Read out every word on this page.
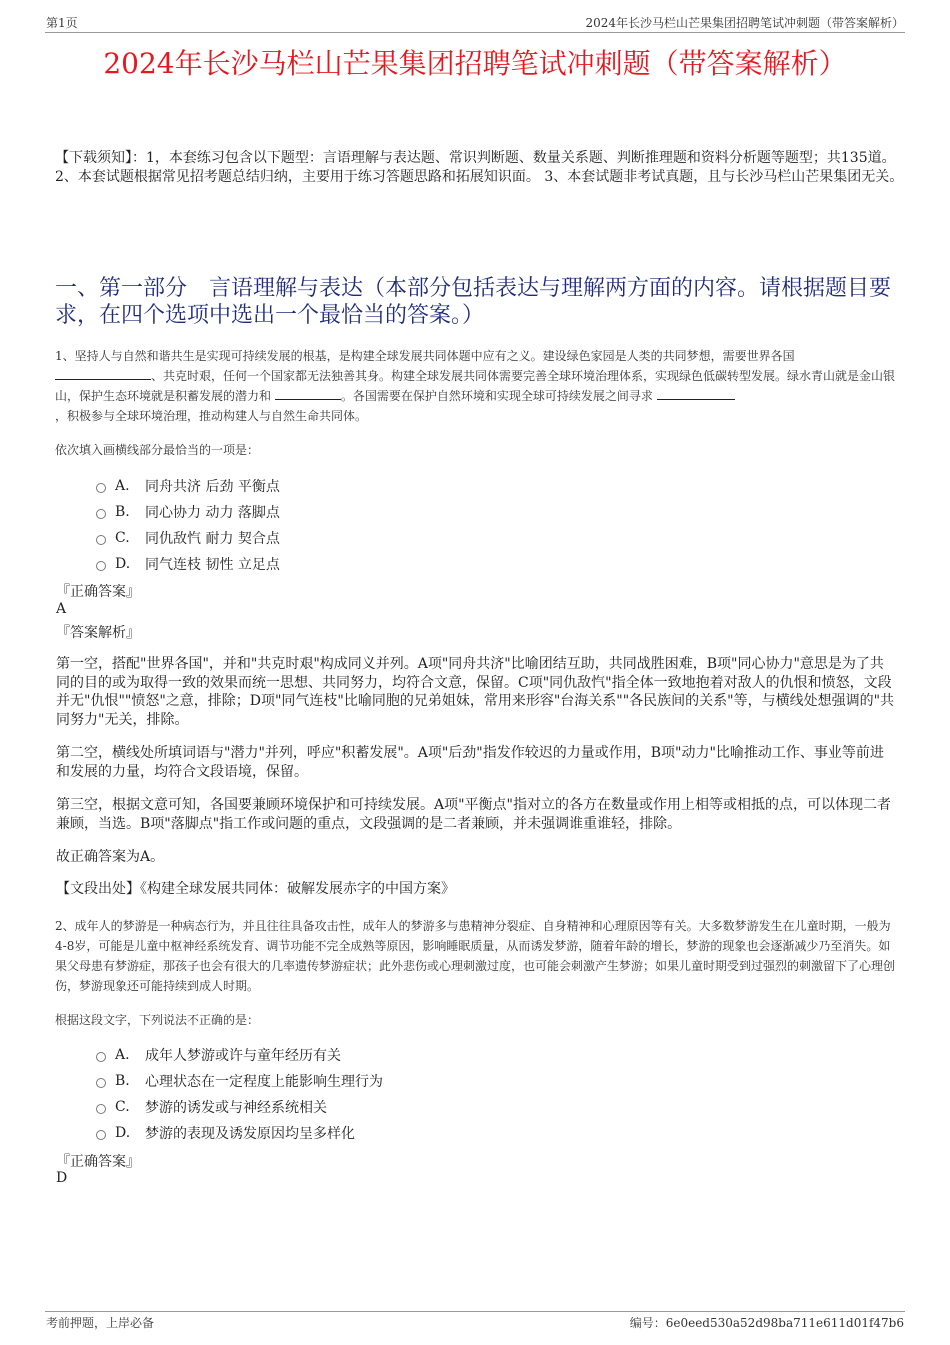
第1页	2024年长沙马栏山芒果集团招聘笔试冲刺题（带答案解析）
2024年长沙马栏山芒果集团招聘笔试冲刺题（带答案解析）
【下载须知】：1，本套练习包含以下题型：言语理解与表达题、常识判断题、数量关系题、判断推理题和资料分析题等题型；共135道。2、本套试题根据常见招考题总结归纳，主要用于练习答题思路和拓展知识面。 3、本套试题非考试真题，且与长沙马栏山芒果集团无关。
一、第一部分　言语理解与表达（本部分包括表达与理解两方面的内容。请根据题目要求，在四个选项中选出一个最恰当的答案。）
1、坚持人与自然和谐共生是实现可持续发展的根基，是构建全球发展共同体题中应有之义。建设绿色家园是人类的共同梦想，需要世界各国
、共克时艰，任何一个国家都无法独善其身。构建全球发展共同体需要完善全球环境治理体系，实现绿色低碳转型发展。绿水青山就是金山银山，保护生态环境就是积蓄发展的潜力和	。各国需要在保护自然环境和实现全球可持续发展之间寻求
，积极参与全球环境治理，推动构建人与自然生命共同体。
依次填入画横线部分最恰当的一项是：
A.	同舟共济 后劲 平衡点
B.	同心协力 动力 落脚点
C.	同仇敌忾 耐力 契合点
D.	同气连枝 韧性 立足点
『正确答案』
A
『答案解析』
第一空，搭配"世界各国"，并和"共克时艰"构成同义并列。A项"同舟共济"比喻团结互助，共同战胜困难，B项"同心协力"意思是为了共同的目的或为取得一致的效果而统一思想、共同努力，均符合文意，保留。C项"同仇敌忾"指全体一致地抱着对敌人的仇恨和愤怒，文段并无"仇恨""愤怒"之意，排除；D项"同气连枝"比喻同胞的兄弟姐妹，常用来形容"台海关系""各民族间的关系"等，与横线处想强调的"共同努力"无关，排除。
第二空，横线处所填词语与"潜力"并列，呼应"积蓄发展"。A项"后劲"指发作较迟的力量或作用，B项"动力"比喻推动工作、事业等前进和发展的力量，均符合文段语境，保留。
第三空，根据文意可知，各国要兼顾环境保护和可持续发展。A项"平衡点"指对立的各方在数量或作用上相等或相抵的点，可以体现二者兼顾，当选。B项"落脚点"指工作或问题的重点，文段强调的是二者兼顾，并未强调谁重谁轻，排除。
故正确答案为A。
【文段出处】《构建全球发展共同体：破解发展赤字的中国方案》
2、成年人的梦游是一种病态行为，并且往往具备攻击性，成年人的梦游多与患精神分裂症、自身精神和心理原因等有关。大多数梦游发生在儿童时期，一般为4-8岁，可能是儿童中枢神经系统发育、调节功能不完全成熟等原因，影响睡眠质量，从而诱发梦游，随着年龄的增长，梦游的现象也会逐渐减少乃至消失。如果父母患有梦游症，那孩子也会有很大的几率遗传梦游症状；此外悲伤或心理刺激过度，也可能会刺激产生梦游；如果儿童时期受到过强烈的刺激留下了心理创伤，梦游现象还可能持续到成人时期。
根据这段文字，下列说法不正确的是：
A.	成年人梦游或许与童年经历有关
B.	心理状态在一定程度上能影响生理行为
C.	梦游的诱发或与神经系统相关
D.	梦游的表现及诱发原因均呈多样化
『正确答案』
D
考前押题，上岸必备	编号：6e0eed530a52d98ba711e611d01f47b6
